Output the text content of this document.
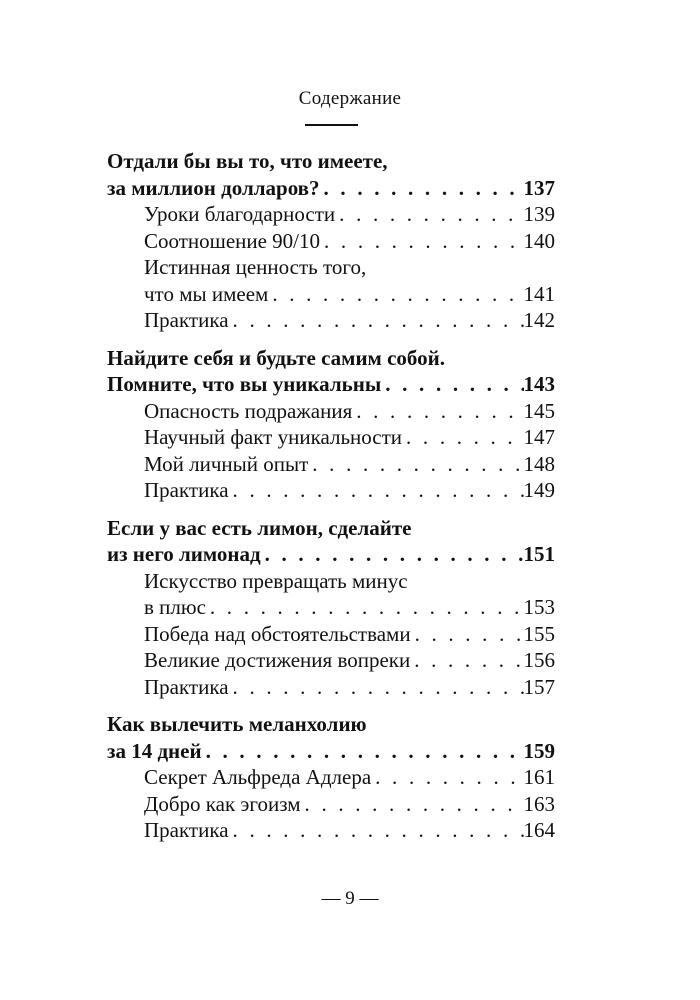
Содержание
Отдали бы вы то, что имеете,
за миллион долларов? . . .	137
Уроки благодарности . . .	139
Соотношение 90/10 . . .	140
Истинная ценность того,
что мы имеем . . .	141
Практика . . .	142
Найдите себя и будьте самим собой.
Помните, что вы уникальны . . .	143
Опасность подражания . . .	145
Научный факт уникальности . . .	147
Мой личный опыт . . .	148
Практика . . .	149
Если у вас есть лимон, сделайте
из него лимонад . . .	151
Искусство превращать минус
в плюс . . .	153
Победа над обстоятельствами . . .	155
Великие достижения вопреки . . .	156
Практика . . .	157
Как вылечить меланхолию
за 14 дней . . .	159
Секрет Альфреда Адлера . . .	161
Добро как эгоизм . . .	163
Практика . . .	164
— 9 —
